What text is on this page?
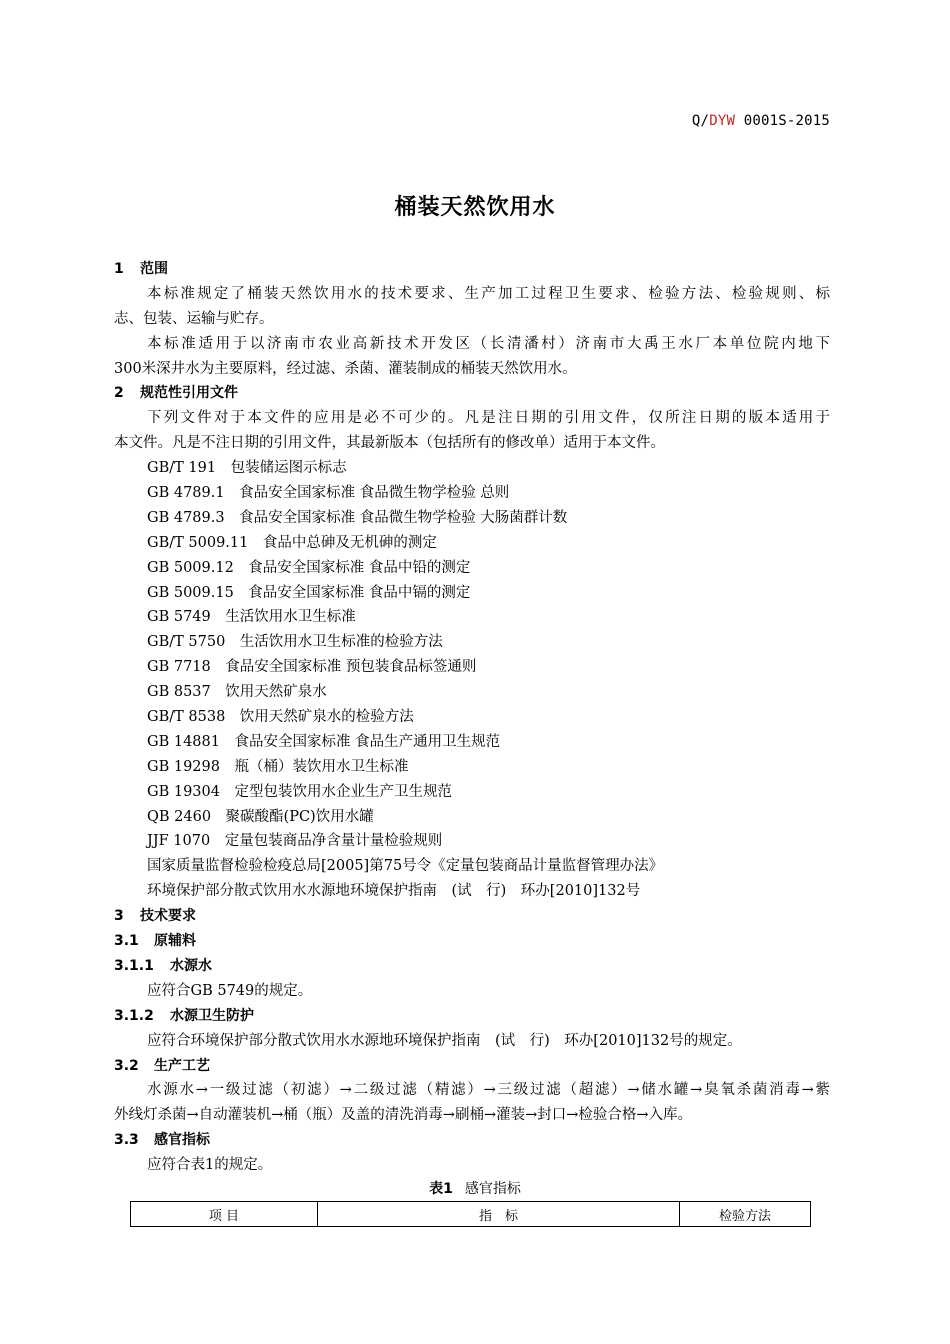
Q/DYW 0001S-2015
桶装天然饮用水
1 范围
本标准规定了桶装天然饮用水的技术要求、生产加工过程卫生要求、检验方法、检验规则、标
志、包装、运输与贮存。
本标准适用于以济南市农业高新技术开发区（长清潘村）济南市大禹王水厂本单位院内地下
300米深井水为主要原料，经过滤、杀菌、灌装制成的桶装天然饮用水。
2 规范性引用文件
下列文件对于本文件的应用是必不可少的。凡是注日期的引用文件，仅所注日期的版本适用于
本文件。凡是不注日期的引用文件，其最新版本（包括所有的修改单）适用于本文件。
GB/T 191　包装储运图示标志
GB 4789.1　食品安全国家标准 食品微生物学检验 总则
GB 4789.3　食品安全国家标准 食品微生物学检验 大肠菌群计数
GB/T 5009.11　食品中总砷及无机砷的测定
GB 5009.12　食品安全国家标准 食品中铅的测定
GB 5009.15　食品安全国家标准 食品中镉的测定
GB 5749　生活饮用水卫生标准
GB/T 5750　生活饮用水卫生标准的检验方法
GB 7718　食品安全国家标准 预包装食品标签通则
GB 8537　饮用天然矿泉水
GB/T 8538　饮用天然矿泉水的检验方法
GB 14881　食品安全国家标准 食品生产通用卫生规范
GB 19298　瓶（桶）装饮用水卫生标准
GB 19304　定型包装饮用水企业生产卫生规范
QB 2460　聚碳酸酯(PC)饮用水罐
JJF 1070　定量包装商品净含量计量检验规则
国家质量监督检验检疫总局[2005]第75号令《定量包装商品计量监督管理办法》
环境保护部分散式饮用水水源地环境保护指南　(试　行)　环办[2010]132号
3 技术要求
3.1 原辅料
3.1.1 水源水
应符合GB 5749的规定。
3.1.2 水源卫生防护
应符合环境保护部分散式饮用水水源地环境保护指南　(试　行)　环办[2010]132号的规定。
3.2 生产工艺
水源水→一级过滤（初滤）→二级过滤（精滤）→三级过滤（超滤）→储水罐→臭氧杀菌消毒→紫
外线灯杀菌→自动灌装机→桶（瓶）及盖的清洗消毒→刷桶→灌装→封口→检验合格→入库。
3.3 感官指标
应符合表1的规定。
表1 感官指标
项 目	指　标	检验方法
